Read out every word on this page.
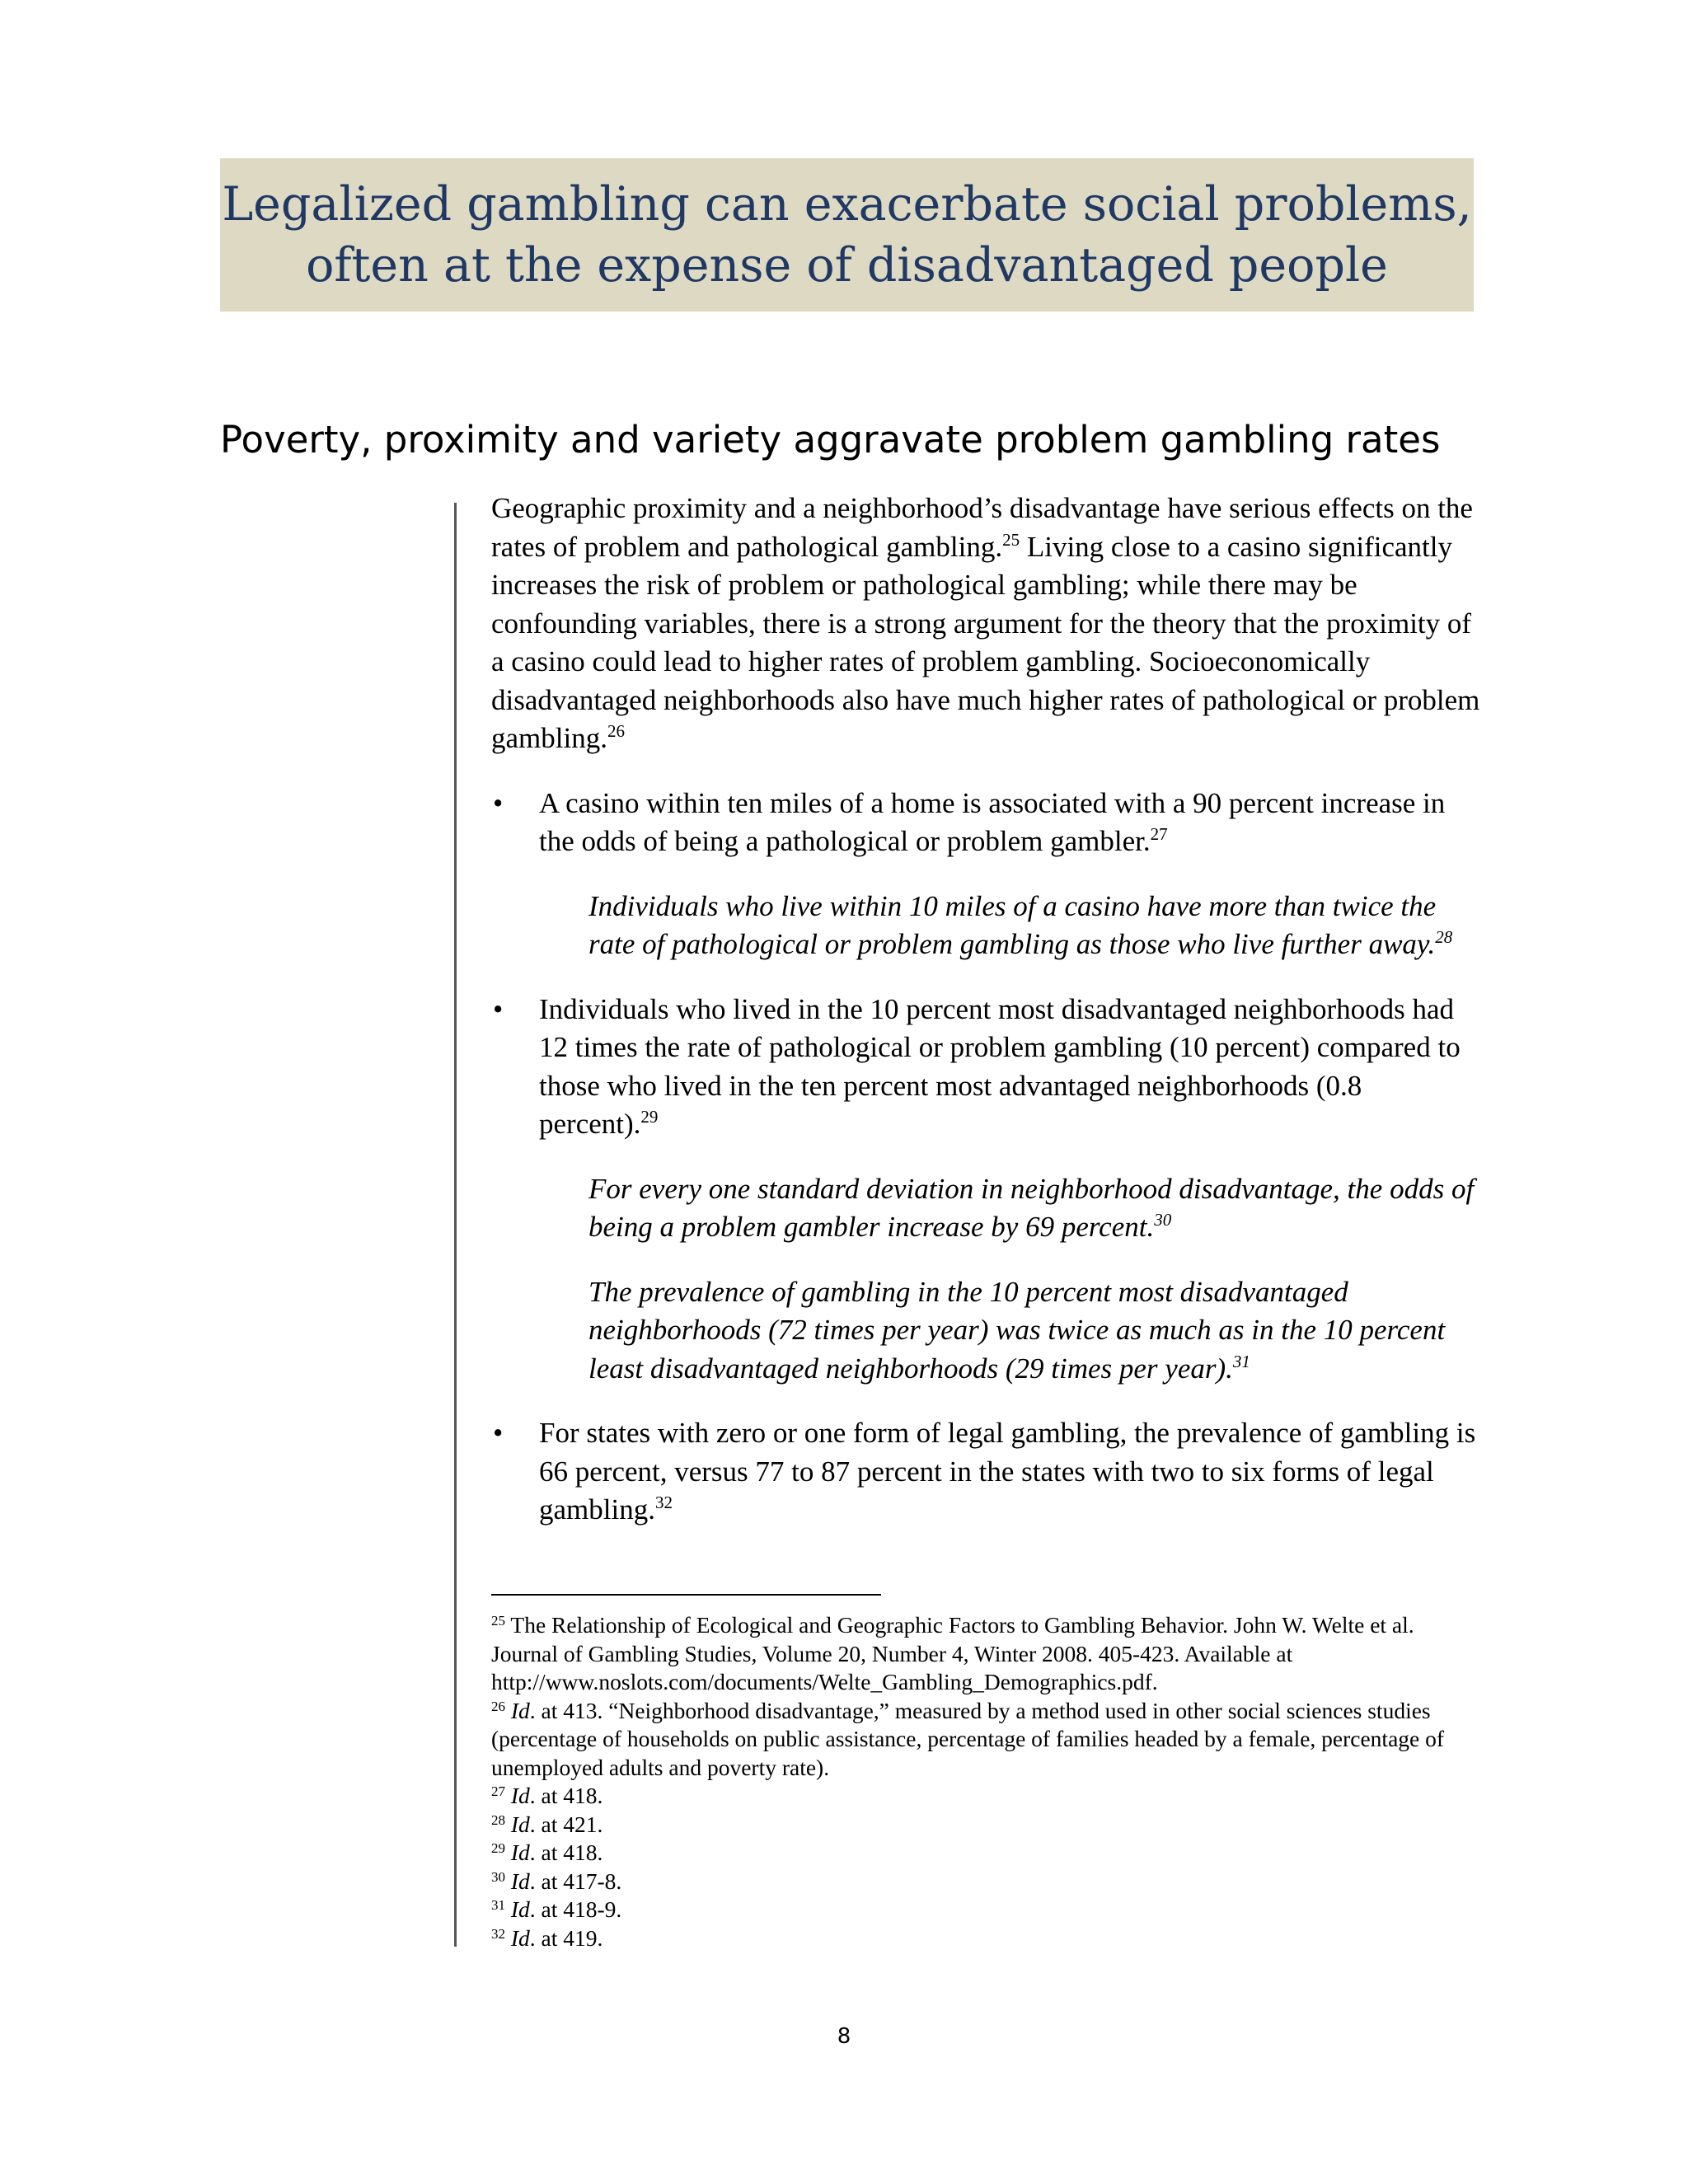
Legalized gambling can exacerbate social problems,
often at the expense of disadvantaged people
Poverty, proximity and variety aggravate problem gambling rates

Geographic proximity and a neighborhood’s disadvantage have serious effects on the rates of problem and pathological gambling.$^{25}$ Living close to a casino significantly increases the risk of problem or pathological gambling; while there may be confounding variables, there is a strong argument for the theory that the proximity of a casino could lead to higher rates of problem gambling. Socioeconomically disadvantaged neighborhoods also have much higher rates of pathological or problem gambling.$^{26}$

• A casino within ten miles of a home is associated with a 90 percent increase in the odds of being a pathological or problem gambler.$^{27}$

Individuals who live within 10 miles of a casino have more than twice the rate of pathological or problem gambling as those who live further away.$^{28}$

• Individuals who lived in the 10 percent most disadvantaged neighborhoods had 12 times the rate of pathological or problem gambling (10 percent) compared to those who lived in the ten percent most advantaged neighborhoods (0.8 percent).$^{29}$

For every one standard deviation in neighborhood disadvantage, the odds of being a problem gambler increase by 69 percent.$^{30}$

The prevalence of gambling in the 10 percent most disadvantaged neighborhoods (72 times per year) was twice as much as in the 10 percent least disadvantaged neighborhoods (29 times per year).$^{31}$

• For states with zero or one form of legal gambling, the prevalence of gambling is 66 percent, versus 77 to 87 percent in the states with two to six forms of legal gambling.$^{32}$

$^{25}$ The Relationship of Ecological and Geographic Factors to Gambling Behavior. John W. Welte et al. Journal of Gambling Studies, Volume 20, Number 4, Winter 2008. 405-423. Available at http://www.noslots.com/documents/Welte_Gambling_Demographics.pdf.

$^{26}$ Id. at 413. “Neighborhood disadvantage,” measured by a method used in other social sciences studies (percentage of households on public assistance, percentage of families headed by a female, percentage of unemployed adults and poverty rate).

$^{27}$ Id. at 418.

$^{28}$ Id. at 421.

$^{29}$ Id. at 418.

$^{30}$ Id. at 417-8.

$^{31}$ Id. at 418-9.

$^{32}$ Id. at 419.

8
